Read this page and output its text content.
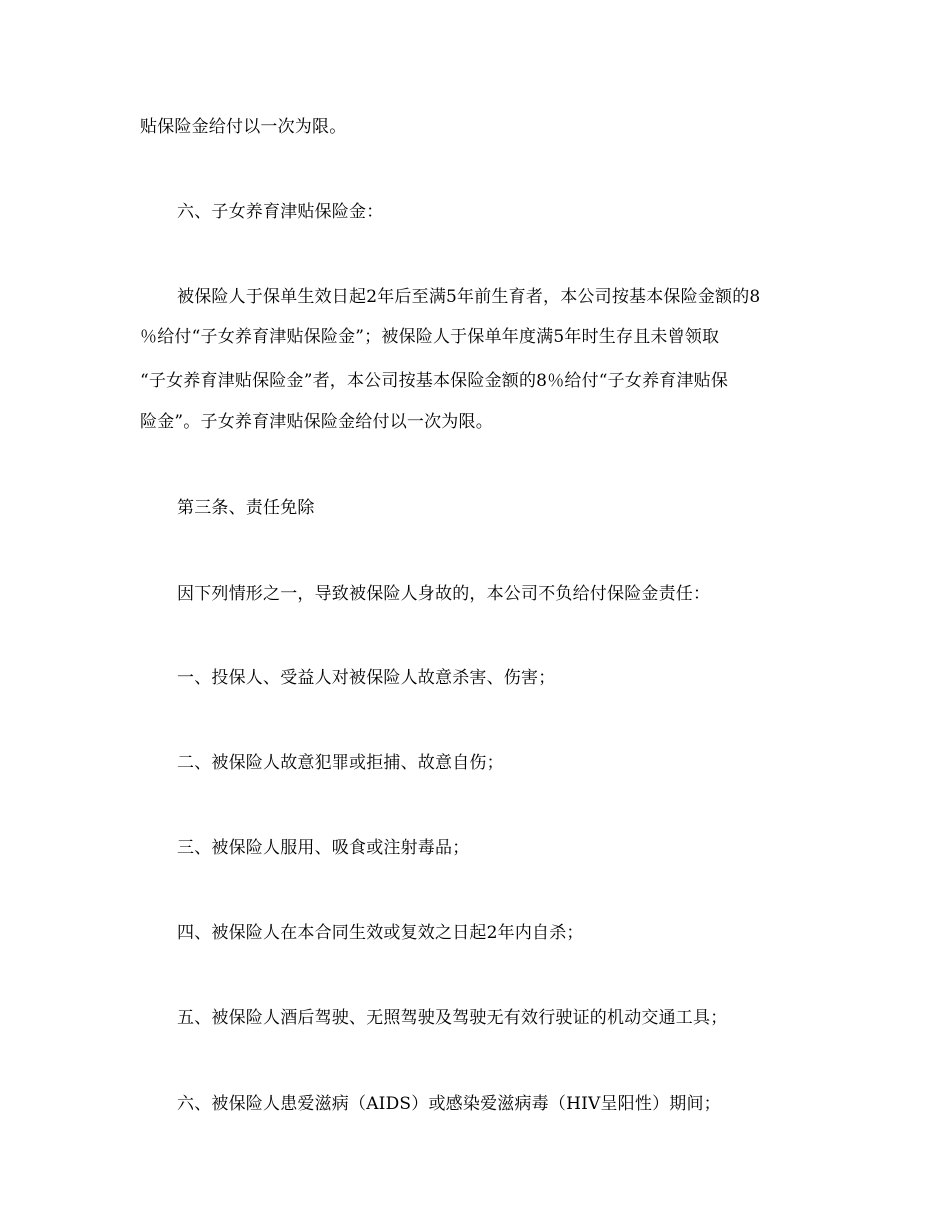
贴保险金给付以一次为限。
六、子女养育津贴保险金：
被保险人于保单生效日起2年后至满5年前生育者，本公司按基本保险金额的8
％给付“子女养育津贴保险金”；被保险人于保单年度满5年时生存且未曾领取
“子女养育津贴保险金”者，本公司按基本保险金额的8％给付“子女养育津贴保
险金”。子女养育津贴保险金给付以一次为限。
第三条、责任免除
因下列情形之一，导致被保险人身故的，本公司不负给付保险金责任：
一、投保人、受益人对被保险人故意杀害、伤害；
二、被保险人故意犯罪或拒捕、故意自伤；
三、被保险人服用、吸食或注射毒品；
四、被保险人在本合同生效或复效之日起2年内自杀；
五、被保险人酒后驾驶、无照驾驶及驾驶无有效行驶证的机动交通工具；
六、被保险人患爱滋病（AIDS）或感染爱滋病毒（HIV呈阳性）期间；
